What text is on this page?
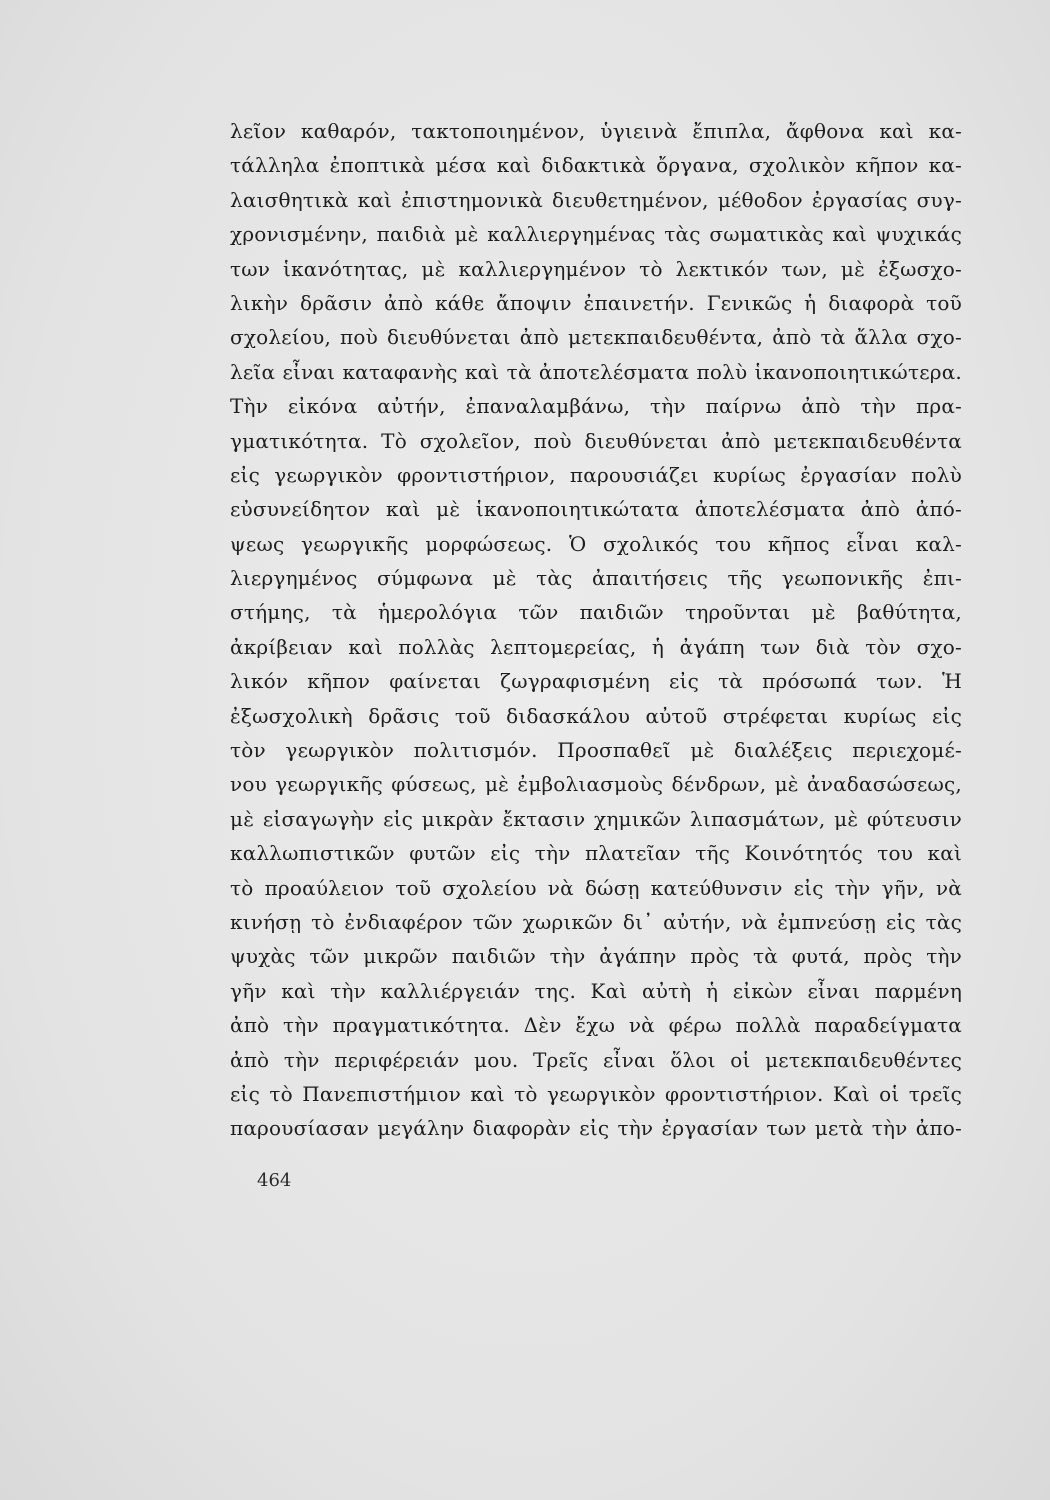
λεῖον καθαρόν, τακτοποιημένον, ὑγιεινὰ ἔπιπλα, ἄφθονα καὶ κα-
τάλληλα ἐποπτικὰ μέσα καὶ διδακτικὰ ὄργανα, σχολικὸν κῆπον κα-
λαισθητικὰ καὶ ἐπιστημονικὰ διευθετημένον, μέθοδον ἐργασίας συγ-
χρονισμένην, παιδιὰ μὲ καλλιεργημένας τὰς σωματικὰς καὶ ψυχικάς
των ἱκανότητας, μὲ καλλιεργημένον τὸ λεκτικόν των, μὲ ἐξωσχο-
λικὴν δρᾶσιν ἀπὸ κάθε ἄποψιν ἐπαινετήν. Γενικῶς ἡ διαφορὰ τοῦ
σχολείου, ποὺ διευθύνεται ἀπὸ μετεκπαιδευθέντα, ἀπὸ τὰ ἄλλα σχο-
λεῖα εἶναι καταφανὴς καὶ τὰ ἀποτελέσματα πολὺ ἱκανοποιητικώτερα.
Τὴν εἰκόνα αὐτήν, ἐπαναλαμβάνω, τὴν παίρνω ἀπὸ τὴν πρα-
γματικότητα. Τὸ σχολεῖον, ποὺ διευθύνεται ἀπὸ μετεκπαιδευθέντα
εἰς γεωργικὸν φροντιστήριον, παρουσιάζει κυρίως ἐργασίαν πολὺ
εὐσυνείδητον καὶ μὲ ἱκανοποιητικώτατα ἀποτελέσματα ἀπὸ ἀπό-
ψεως γεωργικῆς μορφώσεως. Ὁ σχολικός του κῆπος εἶναι καλ-
λιεργημένος σύμφωνα μὲ τὰς ἀπαιτήσεις τῆς γεωπονικῆς ἐπι-
στήμης, τὰ ἡμερολόγια τῶν παιδιῶν τηροῦνται μὲ βαθύτητα,
ἀκρίβειαν καὶ πολλὰς λεπτομερείας, ἡ ἀγάπη των διὰ τὸν σχο-
λικόν κῆπον φαίνεται ζωγραφισμένη εἰς τὰ πρόσωπά των. Ἡ
ἐξωσχολικὴ δρᾶσις τοῦ διδασκάλου αὐτοῦ στρέφεται κυρίως εἰς
τὸν γεωργικὸν πολιτισμόν. Προσπαθεῖ μὲ διαλέξεις περιεχομέ-
νου γεωργικῆς φύσεως, μὲ ἐμβολιασμοὺς δένδρων, μὲ ἀναδασώσεως,
μὲ εἰσαγωγὴν εἰς μικρὰν ἔκτασιν χημικῶν λιπασμάτων, μὲ φύτευσιν
καλλωπιστικῶν φυτῶν εἰς τὴν πλατεῖαν τῆς Κοινότητός του καὶ
τὸ προαύλειον τοῦ σχολείου νὰ δώσῃ κατεύθυνσιν εἰς τὴν γῆν, νὰ
κινήσῃ τὸ ἐνδιαφέρον τῶν χωρικῶν δι᾽ αὐτήν, νὰ ἐμπνεύσῃ εἰς τὰς
ψυχὰς τῶν μικρῶν παιδιῶν τὴν ἀγάπην πρὸς τὰ φυτά, πρὸς τὴν
γῆν καὶ τὴν καλλιέργειάν της. Καὶ αὐτὴ ἡ εἰκὼν εἶναι παρμένη
ἀπὸ τὴν πραγματικότητα. Δὲν ἔχω νὰ φέρω πολλὰ παραδείγματα
ἀπὸ τὴν περιφέρειάν μου. Τρεῖς εἶναι ὅλοι οἱ μετεκπαιδευθέντες
εἰς τὸ Πανεπιστήμιον καὶ τὸ γεωργικὸν φροντιστήριον. Καὶ οἱ τρεῖς
παρουσίασαν μεγάλην διαφορὰν εἰς τὴν ἐργασίαν των μετὰ τὴν ἀπο-
464
